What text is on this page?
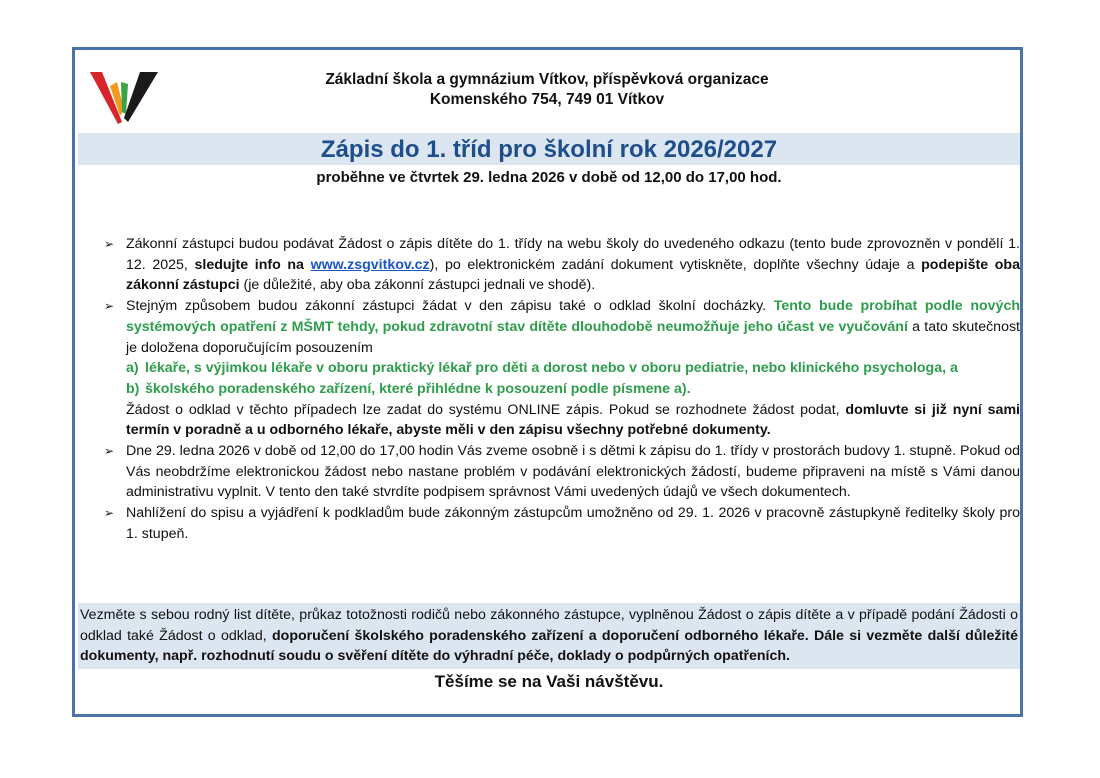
Základní škola a gymnázium Vítkov, příspěvková organizace
Komenského 754, 749 01 Vítkov
Zápis do 1. tříd pro školní rok 2026/2027
proběhne ve čtvrtek 29. ledna 2026 v době od 12,00 do 17,00 hod.
➢ Zákonní zástupci budou podávat Žádost o zápis dítěte do 1. třídy na webu školy do uvedeného odkazu (tento bude zprovozněn v pondělí 1. 12. 2025, sledujte info na www.zsgvitkov.cz), po elektronickém zadání dokument vytiskněte, doplňte všechny údaje a podepište oba zákonní zástupci (je důležité, aby oba zákonní zástupci jednali ve shodě).
➢ Stejným způsobem budou zákonní zástupci žádat v den zápisu také o odklad školní docházky. Tento bude probíhat podle nových systémových opatření z MŠMT tehdy, pokud zdravotní stav dítěte dlouhodobě neumožňuje jeho účast ve vyučování a tato skutečnost je doložena doporučujícím posouzením
a) lékaře, s výjimkou lékaře v oboru praktický lékař pro děti a dorost nebo v oboru pediatrie, nebo klinického psychologa, a
b) školského poradenského zařízení, které přihlédne k posouzení podle písmene a).
Žádost o odklad v těchto případech lze zadat do systému ONLINE zápis. Pokud se rozhodnete žádost podat, domluvte si již nyní sami termín v poradně a u odborného lékaře, abyste měli v den zápisu všechny potřebné dokumenty.
➢ Dne 29. ledna 2026 v době od 12,00 do 17,00 hodin Vás zveme osobně i s dětmi k zápisu do 1. třídy v prostorách budovy 1. stupně. Pokud od Vás neobdržíme elektronickou žádost nebo nastane problém v podávání elektronických žádostí, budeme připraveni na místě s Vámi danou administrativu vyplnit. V tento den také stvrdíte podpisem správnost Vámi uvedených údajů ve všech dokumentech.
➢ Nahlížení do spisu a vyjádření k podkladům bude zákonným zástupcům umožněno od 29. 1. 2026 v pracovně zástupkyně ředitelky školy pro 1. stupeň.
Vezměte s sebou rodný list dítěte, průkaz totožnosti rodičů nebo zákonného zástupce, vyplněnou Žádost o zápis dítěte a v případě podání Žádosti o odklad také Žádost o odklad, doporučení školského poradenského zařízení a doporučení odborného lékaře. Dále si vezměte další důležité dokumenty, např. rozhodnutí soudu o svěření dítěte do výhradní péče, doklady o podpůrných opatřeních.
Těšíme se na Vaši návštěvu.
